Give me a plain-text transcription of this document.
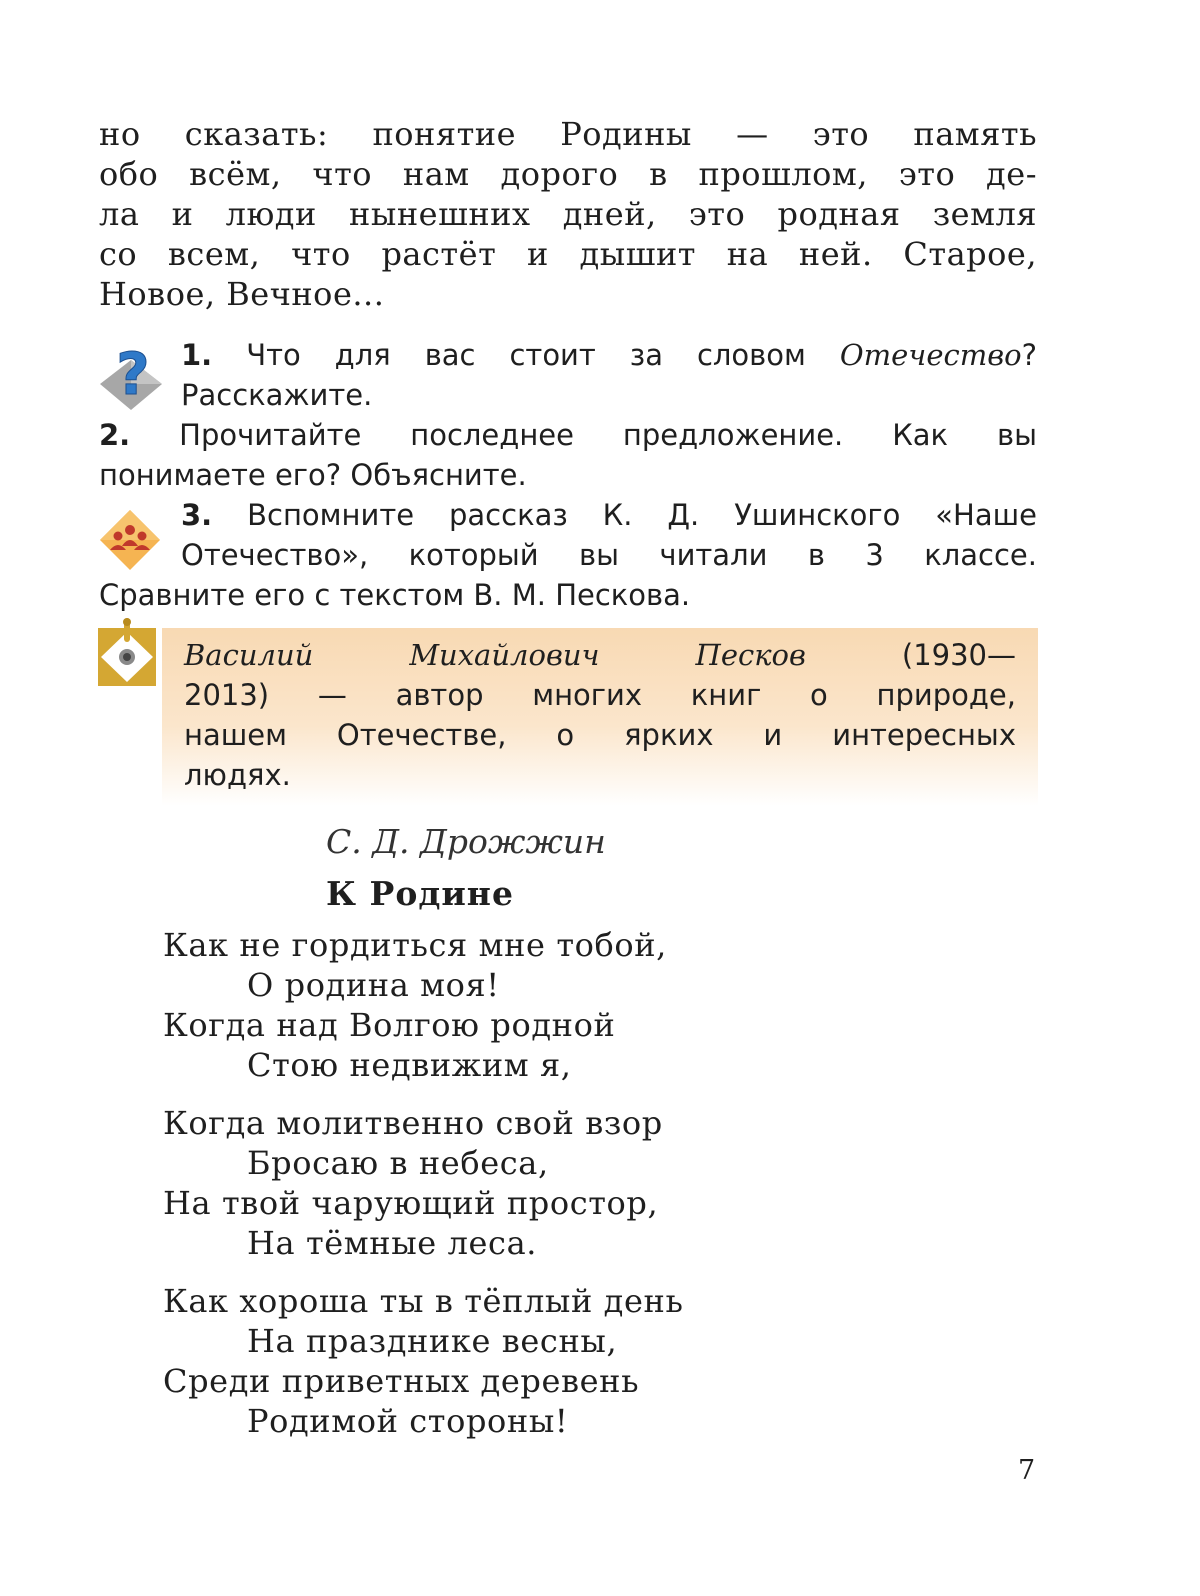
но сказать: понятие Родины — это память
обо всём, что нам дорого в прошлом, это де-
ла и люди нынешних дней, это родная земля
со всем, что растёт и дышит на ней. Старое,
Новое, Вечное...
?	1. Что для вас стоит за словом Отечество?
Расскажите.
2. Прочитайте последнее предложение. Как вы
понимаете его? Объясните.
3. Вспомните рассказ К. Д. Ушинского «Наше
Отечество», который вы читали в 3 классе.
Сравните его с текстом В. М. Пескова.
Василий Михайлович Песков	(1930—
2013) — автор многих книг о природе,
нашем Отечестве, о ярких и интересных
людях.
С. Д. Дрожжин
К Родине
Как не гордиться мне тобой,
О родина моя!
Когда над Волгою родной
Стою недвижим я,
Когда молитвенно свой взор
Бросаю в небеса,
На твой чарующий простор,
На тёмные леса.
Как хороша ты в тёплый день
На празднике весны,
Среди приветных деревень
Родимой стороны!
7
